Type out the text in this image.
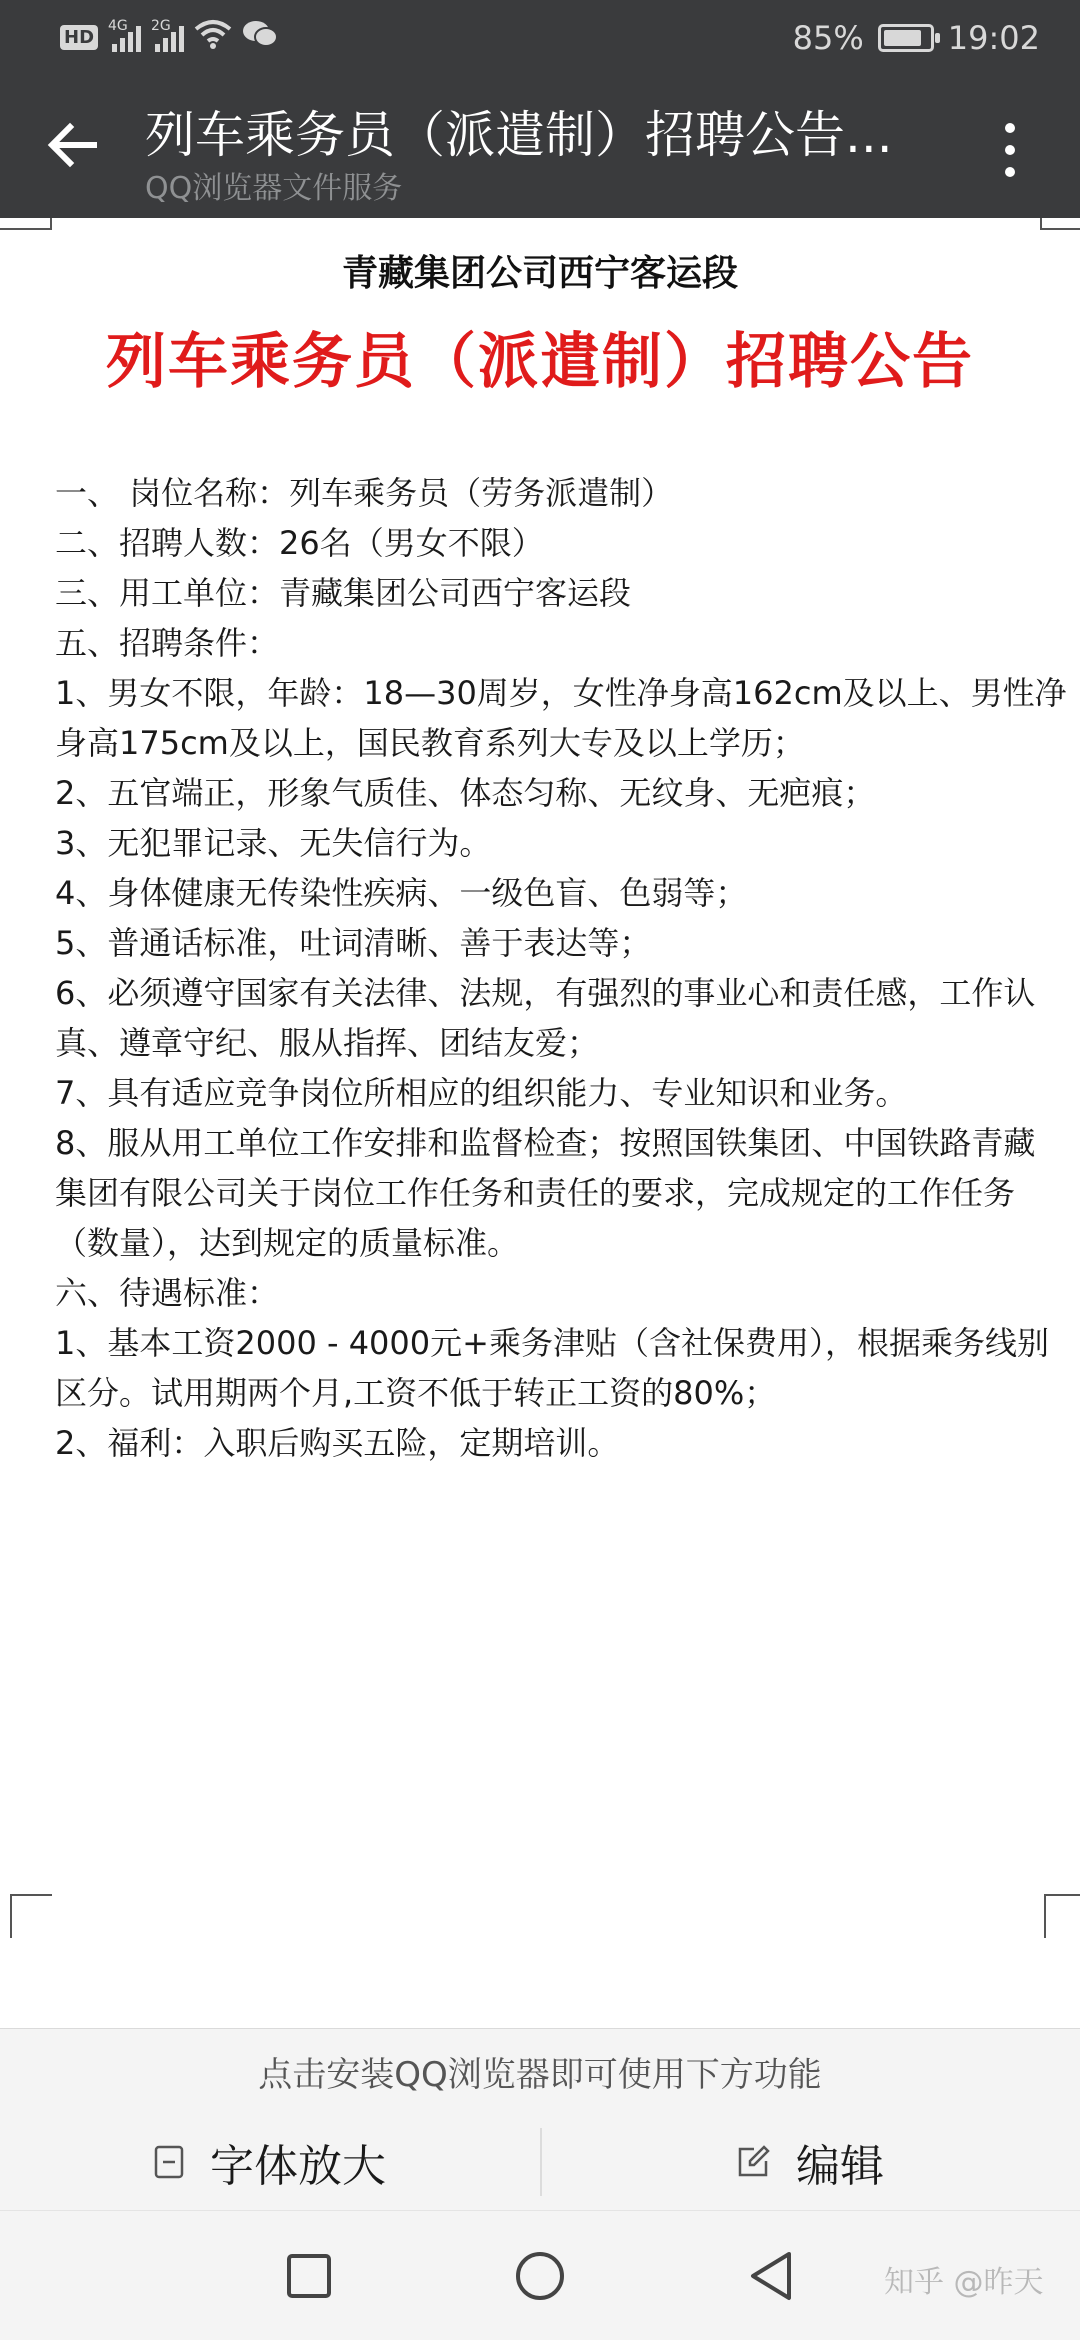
HD
4G 2G	85%	19:02
列车乘务员（派遣制）招聘公告...
QQ浏览器文件服务
青藏集团公司西宁客运段
列车乘务员（派遣制）招聘公告
一、 岗位名称：列车乘务员（劳务派遣制）
二、招聘人数：26名（男女不限）
三、用工单位：青藏集团公司西宁客运段
五、招聘条件：
1、男女不限，年龄：18—30周岁，女性净身高162cm及以上、男性净
身高175cm及以上，国民教育系列大专及以上学历；
2、五官端正，形象气质佳、体态匀称、无纹身、无疤痕；
3、无犯罪记录、无失信行为。
4、身体健康无传染性疾病、一级色盲、色弱等；
5、普通话标准，吐词清晰、善于表达等；
6、必须遵守国家有关法律、法规，有强烈的事业心和责任感，工作认
真、遵章守纪、服从指挥、团结友爱；
7、具有适应竞争岗位所相应的组织能力、专业知识和业务。
8、服从用工单位工作安排和监督检查；按照国铁集团、中国铁路青藏
集团有限公司关于岗位工作任务和责任的要求，完成规定的工作任务
（数量），达到规定的质量标准。
六、待遇标准：
1、基本工资2000 - 4000元+乘务津贴（含社保费用），根据乘务线别
区分。试用期两个月,工资不低于转正工资的80%；
2、福利：入职后购买五险，定期培训。
点击安装QQ浏览器即可使用下方功能
字体放大	编辑
知乎 @昨天
